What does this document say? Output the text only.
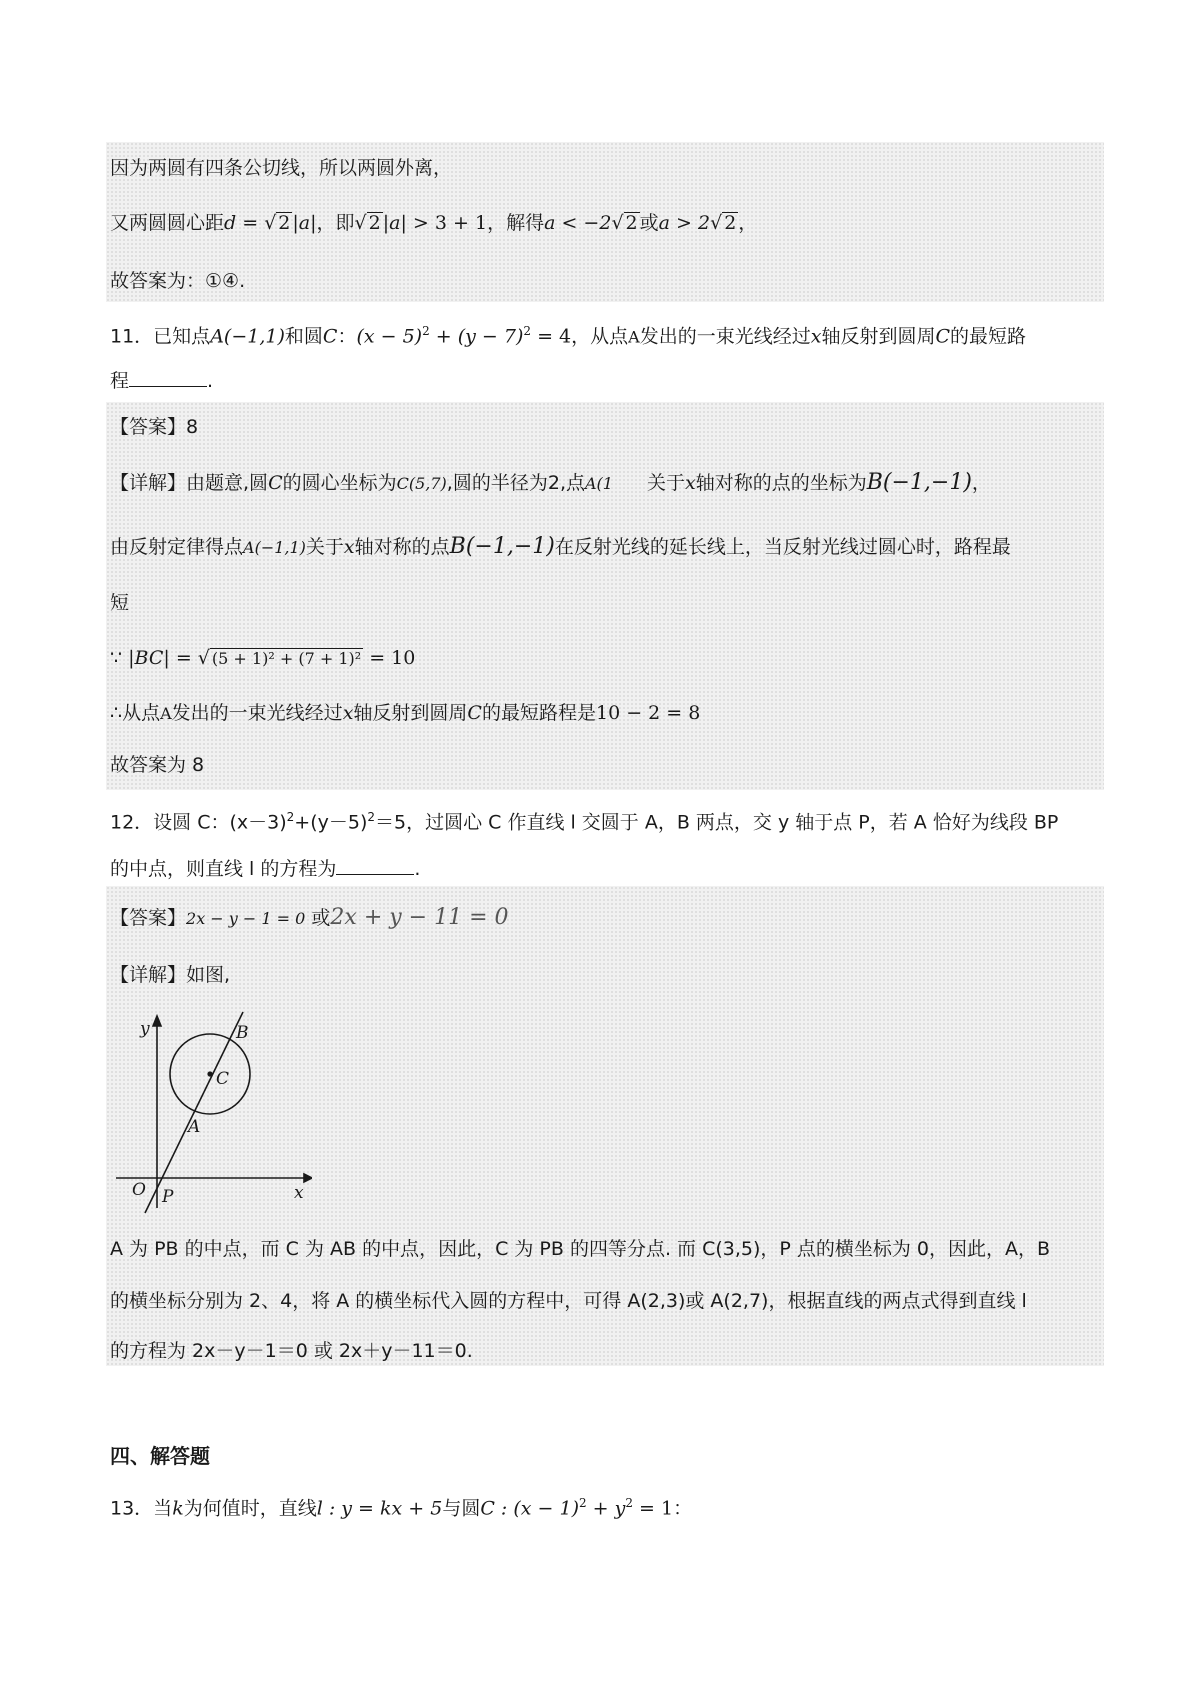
因为两圆有四条公切线，所以两圆外离，
又两圆圆心距d = √ 2 |a|，即√ 2 |a| > 3 + 1，解得a < −2√ 2 或a > 2√ 2 ，
故答案为：①④.
11．已知点A(−1,1)和圆C：$(x - 5)^2 + (y - 7)^2 = 4$，从点A发出的一束光线经过x轴反射到圆周C的最短路
程	.
【答案】8
【详解】由题意,圆C的圆心坐标为C(5,7),圆的半径为2,点A(1 关于x轴对称的点的坐标为B(−1,−1)，
由反射定律得点A(−1,1)关于x轴对称的点B(−1,−1)在反射光线的延长线上，当反射光线过圆心时，路程最
短
∵ |BC| = √ (5 + 1)² + (7 + 1)² = 10
∴从点A发出的一束光线经过x轴反射到圆周C的最短路程是10 − 2 = 8
故答案为 8
12．设圆 C：$(x-3)^2+(y-5)^2=5$，过圆心 C 作直线 l 交圆于 A，B 两点，交 y 轴于点 P，若 A 恰好为线段 BP
的中点，则直线 l 的方程为	.
【答案】2x − y − 1 = 0 或2x + y − 11 = 0
【详解】如图,
y	B
C
A
O P	x
A 为 PB 的中点，而 C 为 AB 的中点，因此，C 为 PB 的四等分点. 而 C(3,5)，P 点的横坐标为 0，因此，A，B
的横坐标分别为 2、4，将 A 的横坐标代入圆的方程中，可得 A(2,3)或 A(2,7)，根据直线的两点式得到直线 l
的方程为 2x－y－1＝0 或 2x＋y－11＝0.
四、解答题
13．当k为何值时，直线l : y = kx + 5与圆C : $(x - 1)^2 + y^2 = 1$：
